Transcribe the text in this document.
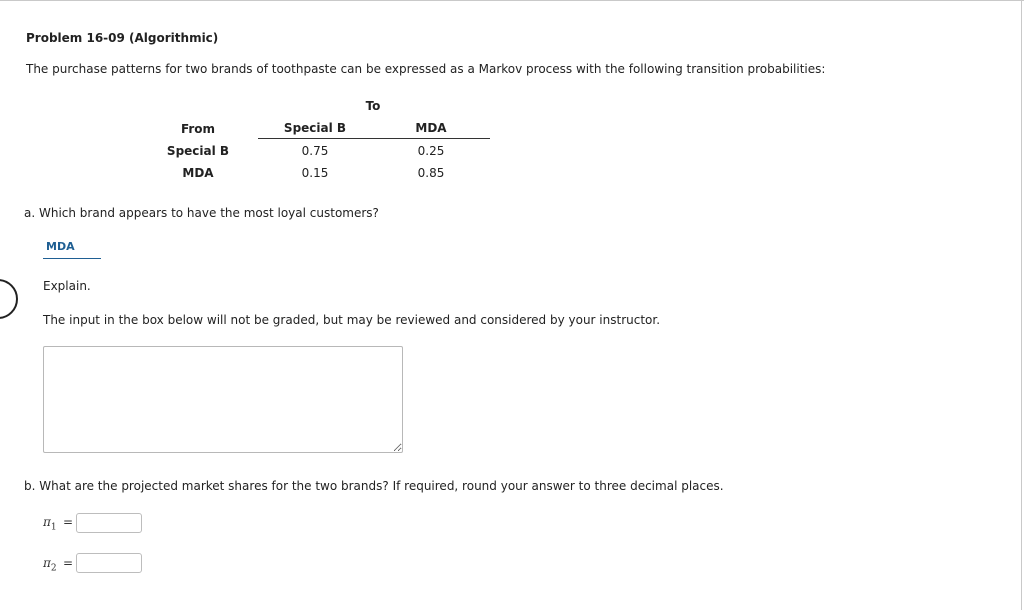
Problem 16-09 (Algorithmic)
The purchase patterns for two brands of toothpaste can be expressed as a Markov process with the following transition probabilities:
To
From	Special B	MDA
Special B	0.75	0.25
MDA	0.15	0.85
a. Which brand appears to have the most loyal customers?
MDA
Explain.
The input in the box below will not be graded, but may be reviewed and considered by your instructor.
b. What are the projected market shares for the two brands? If required, round your answer to three decimal places.
$\pi_1$ =
$\pi_2$ =
